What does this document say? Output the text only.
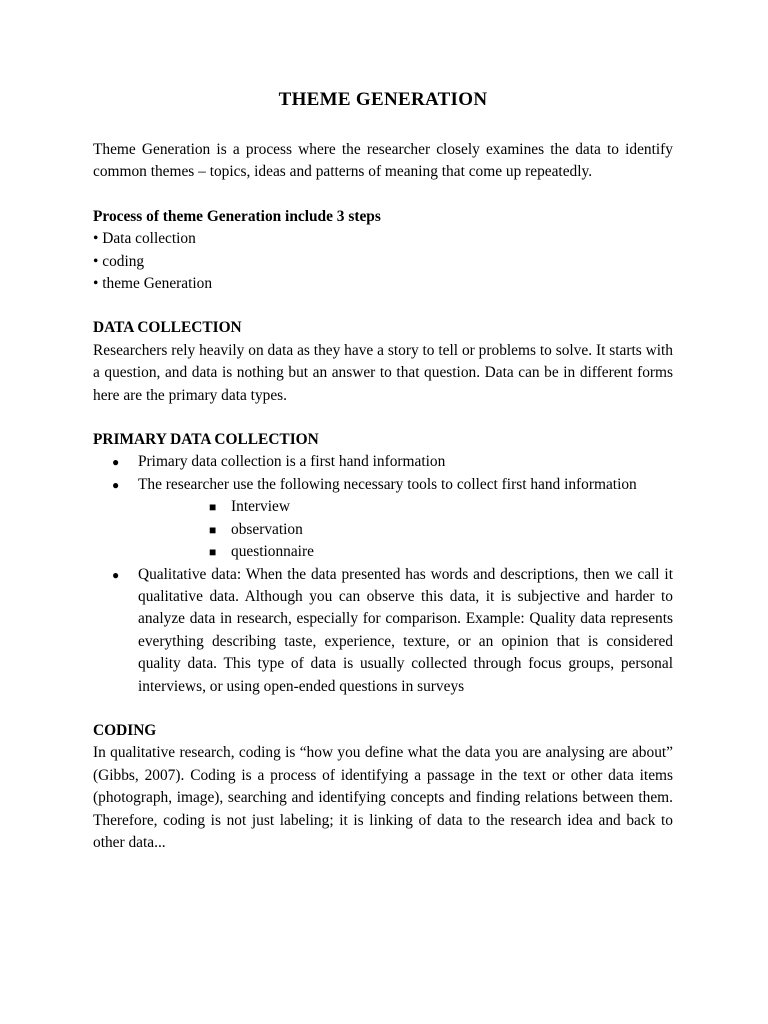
THEME GENERATION

Theme Generation is a process where the researcher closely examines the data to identify common themes – topics, ideas and patterns of meaning that come up repeatedly.

Process of theme Generation include 3 steps
• Data collection
• coding
• theme Generation
DATA COLLECTION

Researchers rely heavily on data as they have a story to tell or problems to solve. It starts with a question, and data is nothing but an answer to that question. Data can be in different forms here are the primary data types.

PRIMARY DATA COLLECTION
● Primary data collection is a first hand information
● The researcher use the following necessary tools to collect first hand information
■ Interview
■ observation
■ questionnaire
● Qualitative data: When the data presented has words and descriptions, then we call it qualitative data. Although you can observe this data, it is subjective and harder to analyze data in research, especially for comparison. Example: Quality data represents everything describing taste, experience, texture, or an opinion that is considered quality data. This type of data is usually collected through focus groups, personal interviews, or using open-ended questions in surveys
CODING

In qualitative research, coding is “how you define what the data you are analysing are about” (Gibbs, 2007). Coding is a process of identifying a passage in the text or other data items (photograph, image), searching and identifying concepts and finding relations between them. Therefore, coding is not just labeling; it is linking of data to the research idea and back to other data...
